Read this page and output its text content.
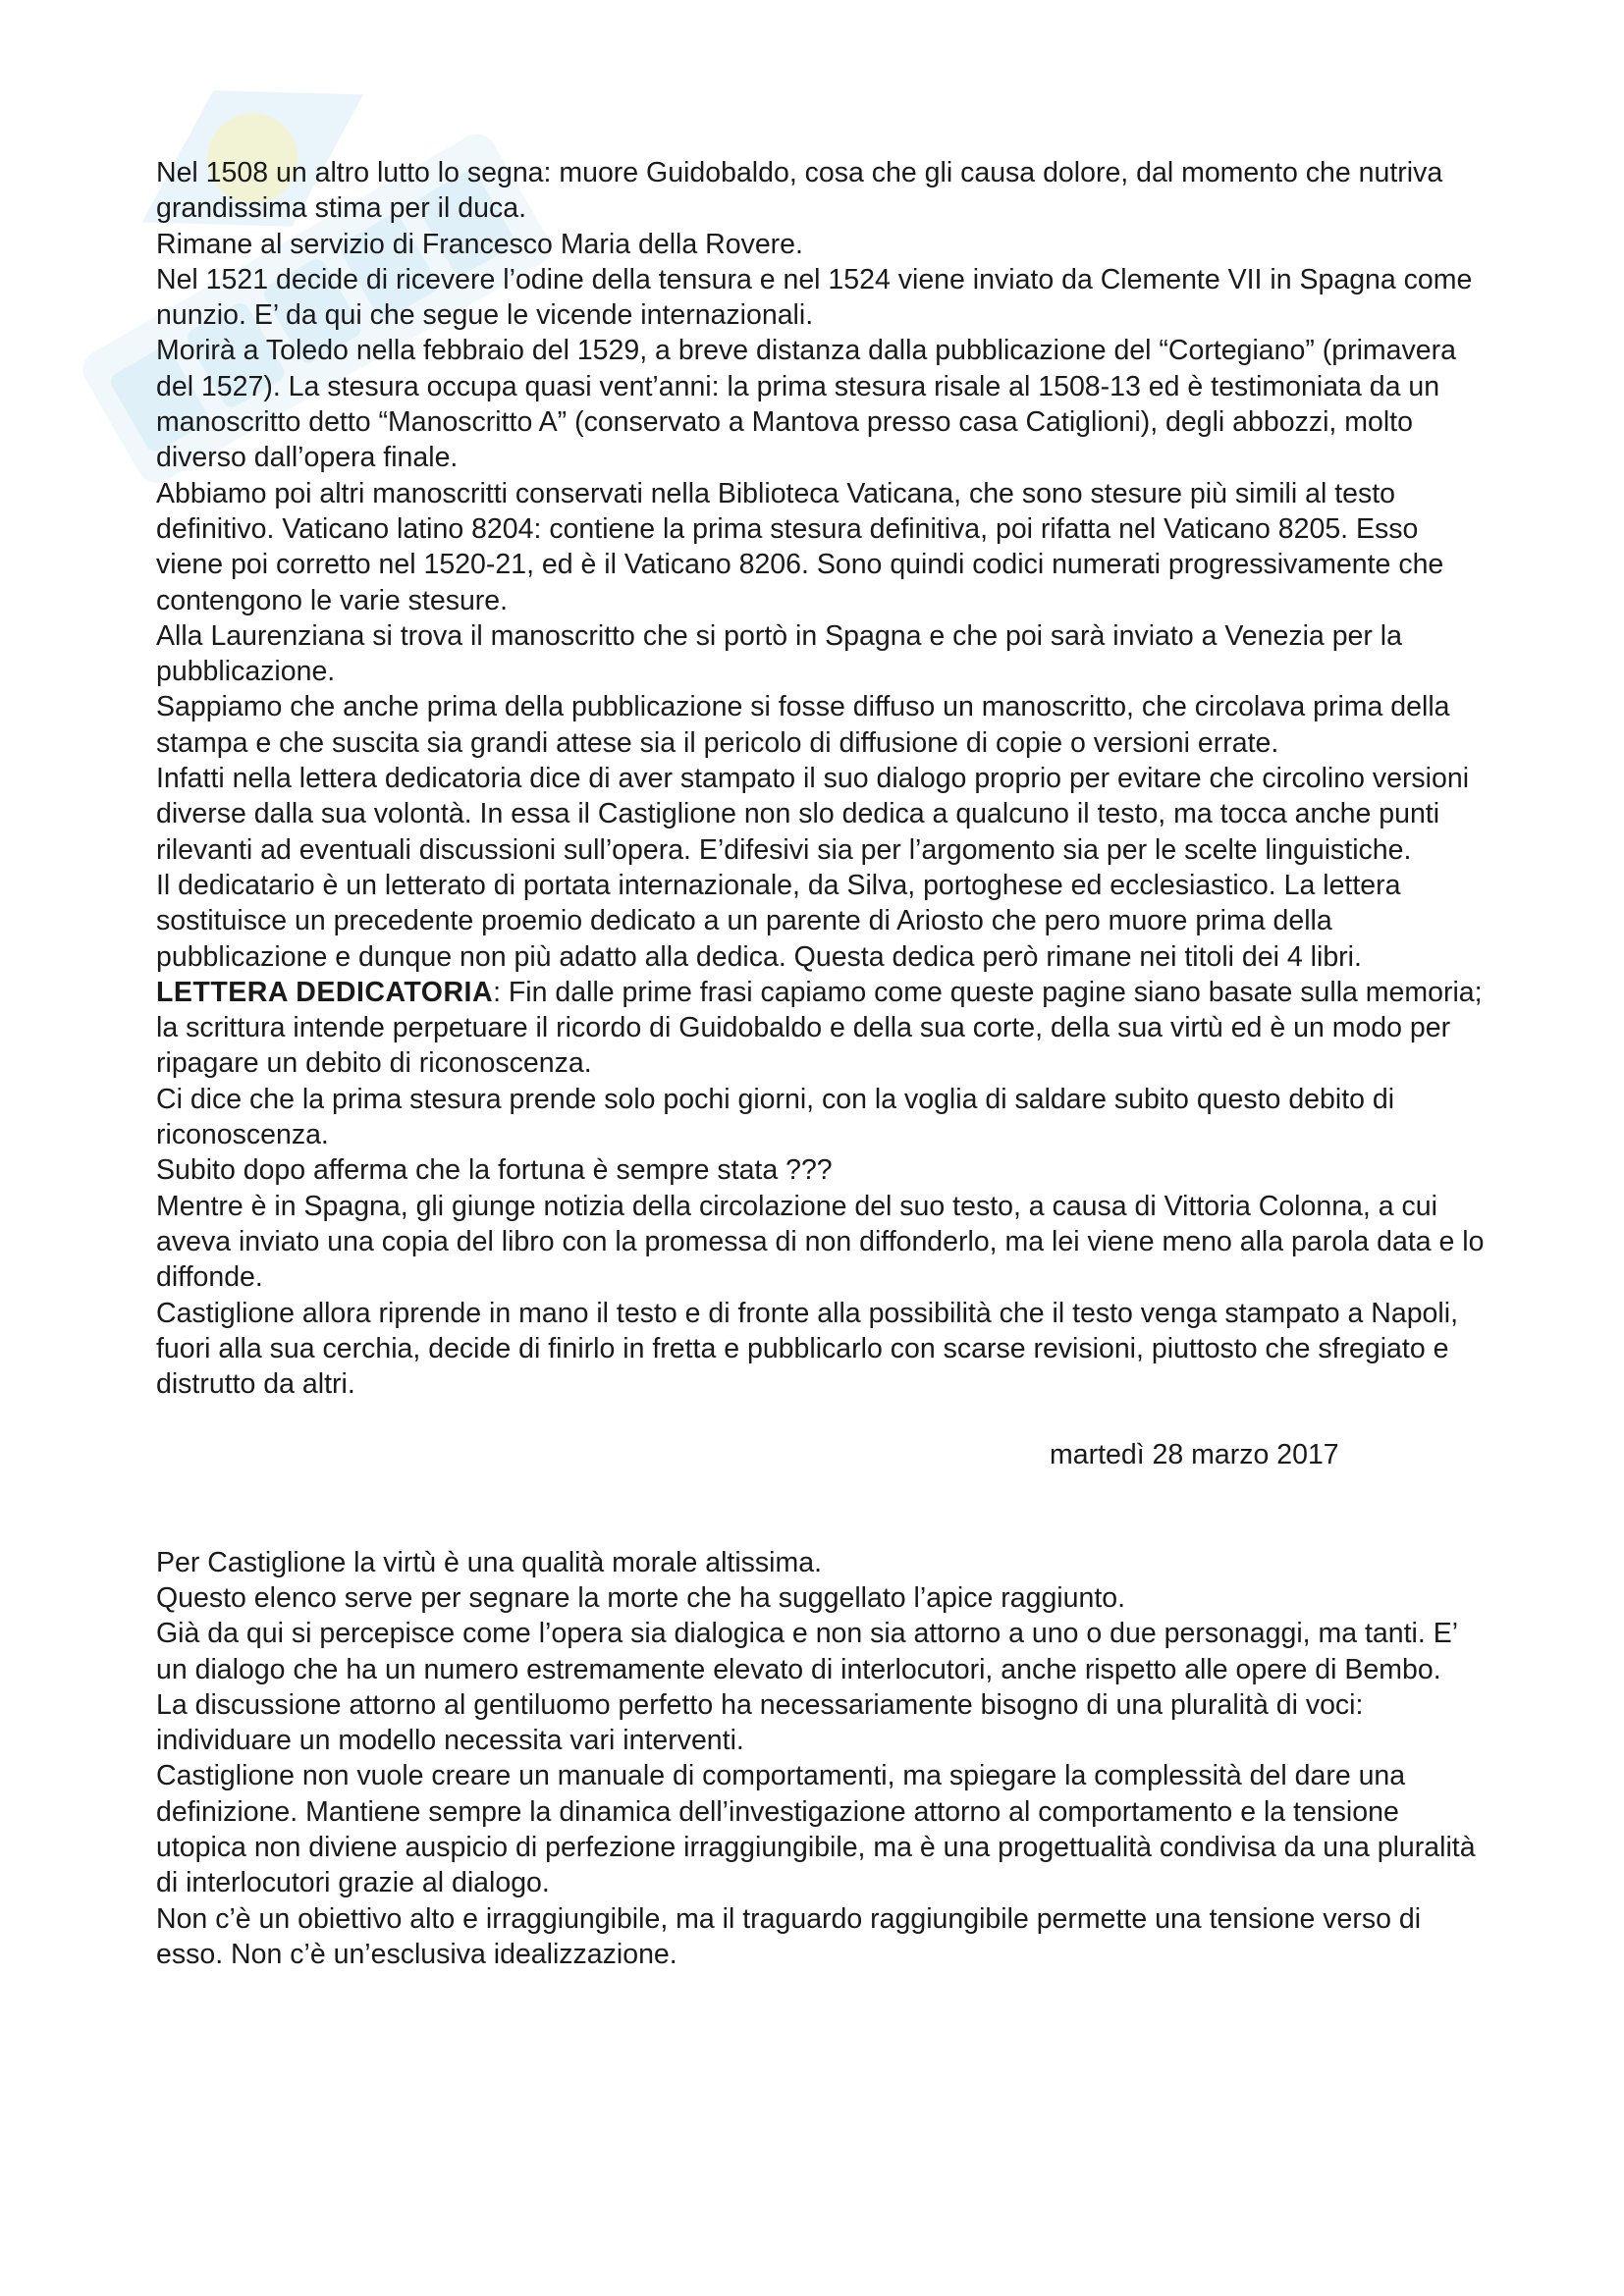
Nel 1508 un altro lutto lo segna: muore Guidobaldo, cosa che gli causa dolore, dal momento che nutriva grandissima stima per il duca.

Rimane al servizio di Francesco Maria della Rovere.

Nel 1521 decide di ricevere l’odine della tensura e nel 1524 viene inviato da Clemente VII in Spagna come nunzio. E’ da qui che segue le vicende internazionali.

Morirà a Toledo nella febbraio del 1529, a breve distanza dalla pubblicazione del “Cortegiano” (primavera del 1527). La stesura occupa quasi vent’anni: la prima stesura risale al 1508-13 ed è testimoniata da un manoscritto detto “Manoscritto A” (conservato a Mantova presso casa Catiglioni), degli abbozzi, molto diverso dall’opera finale.

Abbiamo poi altri manoscritti conservati nella Biblioteca Vaticana, che sono stesure più simili al testo definitivo. Vaticano latino 8204: contiene la prima stesura definitiva, poi rifatta nel Vaticano 8205. Esso viene poi corretto nel 1520-21, ed è il Vaticano 8206. Sono quindi codici numerati progressivamente che contengono le varie stesure.

Alla Laurenziana si trova il manoscritto che si portò in Spagna e che poi sarà inviato a Venezia per la pubblicazione.

Sappiamo che anche prima della pubblicazione si fosse diffuso un manoscritto, che circolava prima della stampa e che suscita sia grandi attese sia il pericolo di diffusione di copie o versioni errate.

Infatti nella lettera dedicatoria dice di aver stampato il suo dialogo proprio per evitare che circolino versioni diverse dalla sua volontà. In essa il Castiglione non slo dedica a qualcuno il testo, ma tocca anche punti rilevanti ad eventuali discussioni sull’opera. E’difesivi sia per l’argomento sia per le scelte linguistiche.

Il dedicatario è un letterato di portata internazionale, da Silva, portoghese ed ecclesiastico. La lettera sostituisce un precedente proemio dedicato a un parente di Ariosto che pero muore prima della pubblicazione e dunque non più adatto alla dedica. Questa dedica però rimane nei titoli dei 4 libri.

LETTERA DEDICATORIA: Fin dalle prime frasi capiamo come queste pagine siano basate sulla memoria; la scrittura intende perpetuare il ricordo di Guidobaldo e della sua corte, della sua virtù ed è un modo per ripagare un debito di riconoscenza.

Ci dice che la prima stesura prende solo pochi giorni, con la voglia di saldare subito questo debito di riconoscenza.

Subito dopo afferma che la fortuna è sempre stata ???

Mentre è in Spagna, gli giunge notizia della circolazione del suo testo, a causa di Vittoria Colonna, a cui aveva inviato una copia del libro con la promessa di non diffonderlo, ma lei viene meno alla parola data e lo diffonde.

Castiglione allora riprende in mano il testo e di fronte alla possibilità che il testo venga stampato a Napoli, fuori alla sua cerchia, decide di finirlo in fretta e pubblicarlo con scarse revisioni, piuttosto che sfregiato e distrutto da altri.

martedì 28 marzo 2017

Per Castiglione la virtù è una qualità morale altissima.

Questo elenco serve per segnare la morte che ha suggellato l’apice raggiunto.

Già da qui si percepisce come l’opera sia dialogica e non sia attorno a uno o due personaggi, ma tanti. E’ un dialogo che ha un numero estremamente elevato di interlocutori, anche rispetto alle opere di Bembo.

La discussione attorno al gentiluomo perfetto ha necessariamente bisogno di una pluralità di voci: individuare un modello necessita vari interventi.

Castiglione non vuole creare un manuale di comportamenti, ma spiegare la complessità del dare una definizione. Mantiene sempre la dinamica dell’investigazione attorno al comportamento e la tensione utopica non diviene auspicio di perfezione irraggiungibile, ma è una progettualità condivisa da una pluralità di interlocutori grazie al dialogo.

Non c’è un obiettivo alto e irraggiungibile, ma il traguardo raggiungibile permette una tensione verso di esso. Non c’è un’esclusiva idealizzazione.
